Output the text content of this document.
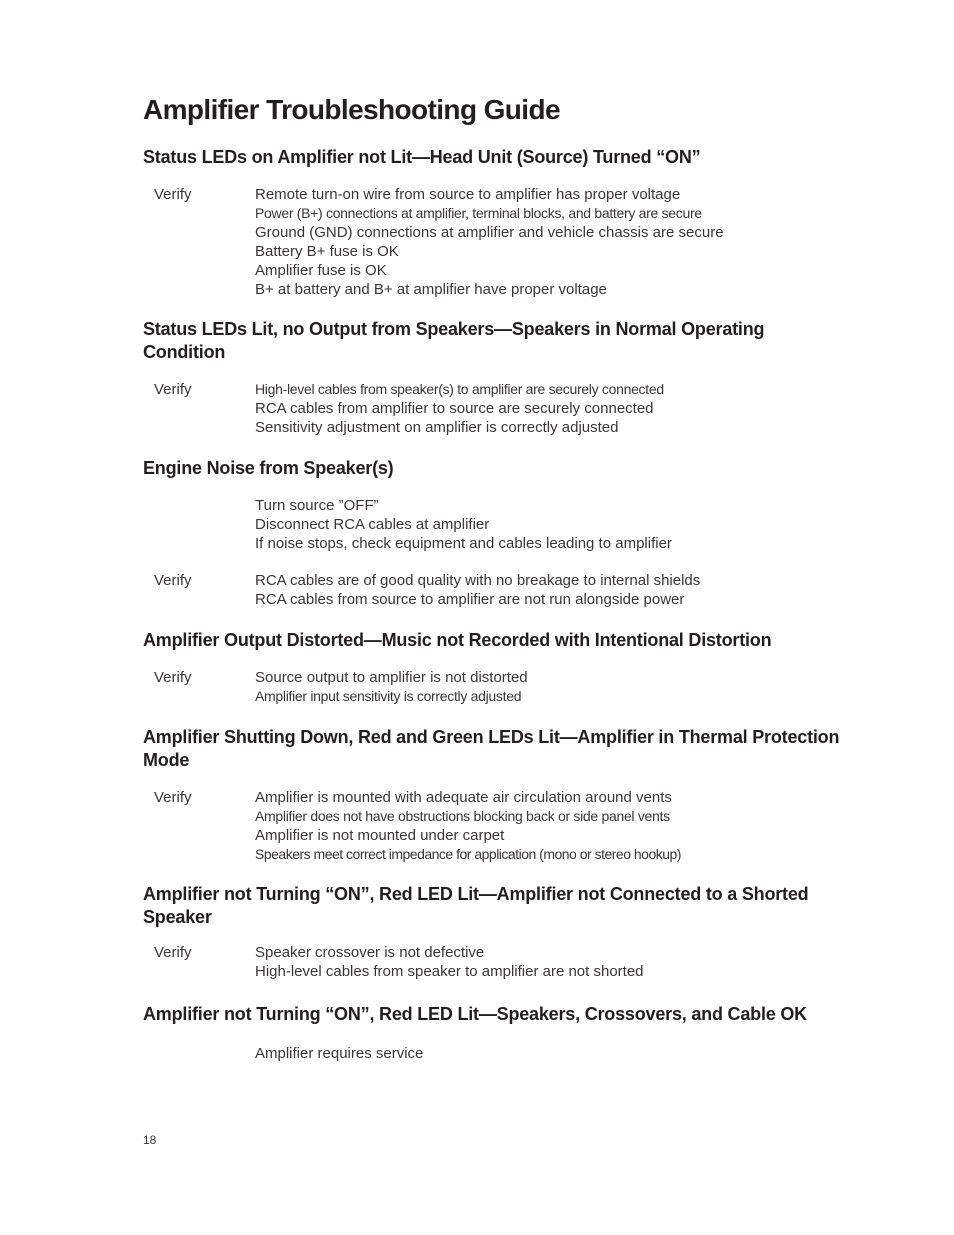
Amplifier Troubleshooting Guide
Status LEDs on Amplifier not Lit—Head Unit (Source) Turned “ON”
Verify	Remote turn-on wire from source to amplifier has proper voltage
Power (B+) connections at amplifier, terminal blocks, and battery are secure
Ground (GND) connections at amplifier and vehicle chassis are secure
Battery B+ fuse is OK
Amplifier fuse is OK
B+ at battery and B+ at amplifier have proper voltage
Status LEDs Lit, no Output from Speakers—Speakers in Normal Operating Condition
Verify	High-level cables from speaker(s) to amplifier are securely connected
RCA cables from amplifier to source are securely connected
Sensitivity adjustment on amplifier is correctly adjusted
Engine Noise from Speaker(s)
Turn source ”OFF”
Disconnect RCA cables at amplifier
If noise stops, check equipment and cables leading to amplifier
Verify	RCA cables are of good quality with no breakage to internal shields
RCA cables from source to amplifier are not run alongside power
Amplifier Output Distorted—Music not Recorded with Intentional Distortion
Verify	Source output to amplifier is not distorted
Amplifier input sensitivity is correctly adjusted
Amplifier Shutting Down, Red and Green LEDs Lit—Amplifier in Thermal Protection Mode
Verify	Amplifier is mounted with adequate air circulation around vents
Amplifier does not have obstructions blocking back or side panel vents
Amplifier is not mounted under carpet
Speakers meet correct impedance for application (mono or stereo hookup)
Amplifier not Turning “ON”, Red LED Lit—Amplifier not Connected to a Shorted Speaker
Verify	Speaker crossover is not defective
High-level cables from speaker to amplifier are not shorted
Amplifier not Turning “ON”, Red LED Lit—Speakers, Crossovers, and Cable OK
Amplifier requires service
18
